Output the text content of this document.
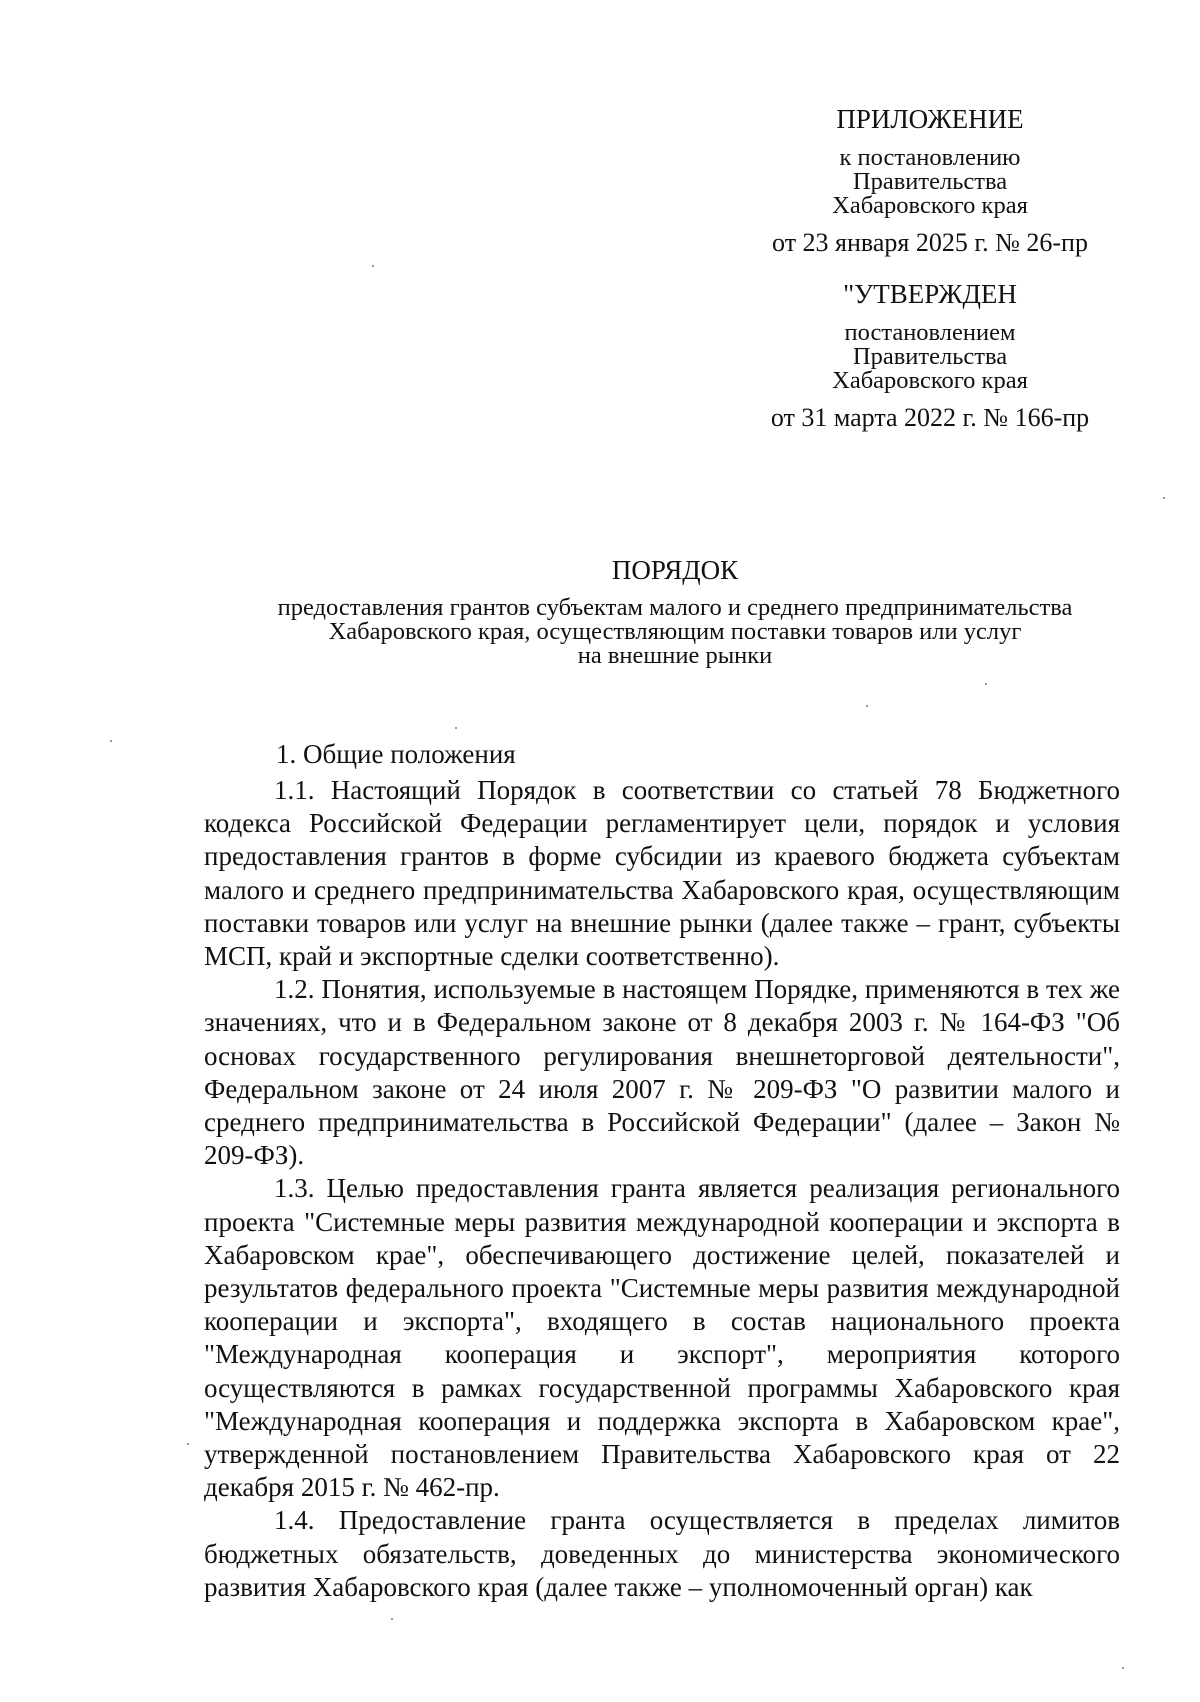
ПРИЛОЖЕНИЕ
к постановлению
Правительства
Хабаровского края
от 23 января 2025 г. № 26-пр
"УТВЕРЖДЕН
постановлением
Правительства
Хабаровского края
от 31 марта 2022 г. № 166-пр
ПОРЯДОК
предоставления грантов субъектам малого и среднего предпринимательства
Хабаровского края, осуществляющим поставки товаров или услуг
на внешние рынки
1. Общие положения

1.1. Настоящий Порядок в соответствии со статьей 78 Бюджетного кодекса Российской Федерации регламентирует цели, порядок и условия предоставления грантов в форме субсидии из краевого бюджета субъектам малого и среднего предпринимательства Хабаровского края, осуществляющим поставки товаров или услуг на внешние рынки (далее также – грант, субъекты МСП, край и экспортные сделки соответственно).

1.2. Понятия, используемые в настоящем Порядке, применяются в тех же значениях, что и в Федеральном законе от 8 декабря 2003 г. № 164-ФЗ "Об основах государственного регулирования внешнеторговой деятельности", Федеральном законе от 24 июля 2007 г. № 209-ФЗ "О развитии малого и среднего предпринимательства в Российской Федерации" (далее – Закон № 209-ФЗ).

1.3. Целью предоставления гранта является реализация регионального проекта "Системные меры развития международной кооперации и экспорта в Хабаровском крае", обеспечивающего достижение целей, показателей и результатов федерального проекта "Системные меры развития международной кооперации и экспорта", входящего в состав национального проекта "Международная кооперация и экспорт", мероприятия которого осуществляются в рамках государственной программы Хабаровского края "Международная кооперация и поддержка экспорта в Хабаровском крае", утвержденной постановлением Правительства Хабаровского края от 22 декабря 2015 г. № 462-пр.

1.4. Предоставление гранта осуществляется в пределах лимитов бюджетных обязательств, доведенных до министерства экономического развития Хабаровского края (далее также – уполномоченный орган) как
